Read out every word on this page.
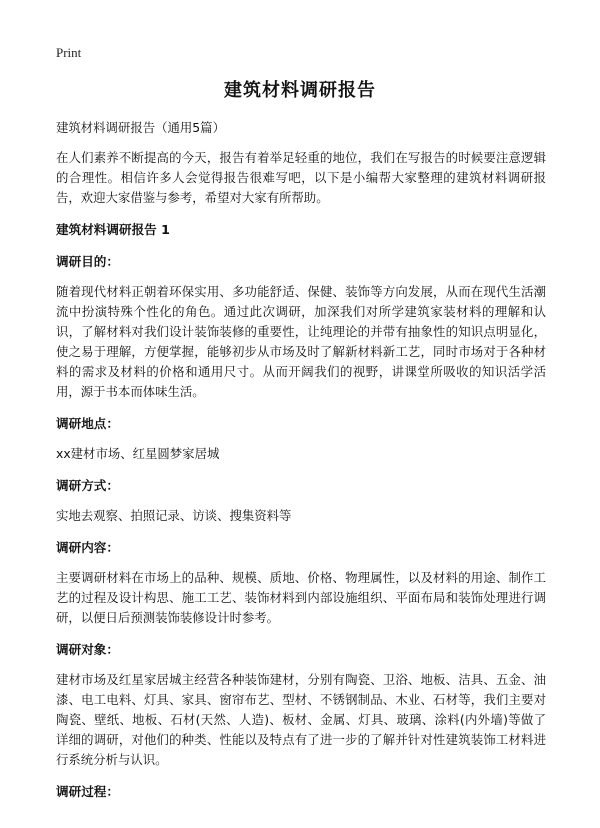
Print
建筑材料调研报告

建筑材料调研报告（通用5篇）

在人们素养不断提高的今天，报告有着举足轻重的地位，我们在写报告的时候要注意逻辑的合理性。相信许多人会觉得报告很难写吧，以下是小编帮大家整理的建筑材料调研报告，欢迎大家借鉴与参考，希望对大家有所帮助。

建筑材料调研报告 1

调研目的：

随着现代材料正朝着环保实用、多功能舒适、保健、装饰等方向发展，从而在现代生活潮流中扮演特殊个性化的角色。通过此次调研，加深我们对所学建筑家装材料的理解和认识，了解材料对我们设计装饰装修的重要性，让纯理论的并带有抽象性的知识点明显化，使之易于理解，方便掌握，能够初步从市场及时了解新材料新工艺，同时市场对于各种材料的需求及材料的价格和通用尺寸。从而开阔我们的视野，讲课堂所吸收的知识活学活用，源于书本而体味生活。

调研地点：

xx建材市场、红星圆梦家居城

调研方式：

实地去观察、拍照记录、访谈、搜集资料等

调研内容：

主要调研材料在市场上的品种、规模、质地、价格、物理属性，以及材料的用途、制作工艺的过程及设计构思、施工工艺、装饰材料到内部设施组织、平面布局和装饰处理进行调研，以便日后预测装饰装修设计时参考。

调研对象：

建材市场及红星家居城主经营各种装饰建材，分别有陶瓷、卫浴、地板、洁具、五金、油漆、电工电料、灯具、家具、窗帘布艺、型材、不锈钢制品、木业、石材等，我们主要对陶瓷、壁纸、地板、石材(天然、人造)、板材、金属、灯具、玻璃、涂料(内外墙)等做了详细的调研，对他们的种类、性能以及特点有了进一步的了解并针对性建筑装饰工材料进行系统分析与认识。

调研过程：
